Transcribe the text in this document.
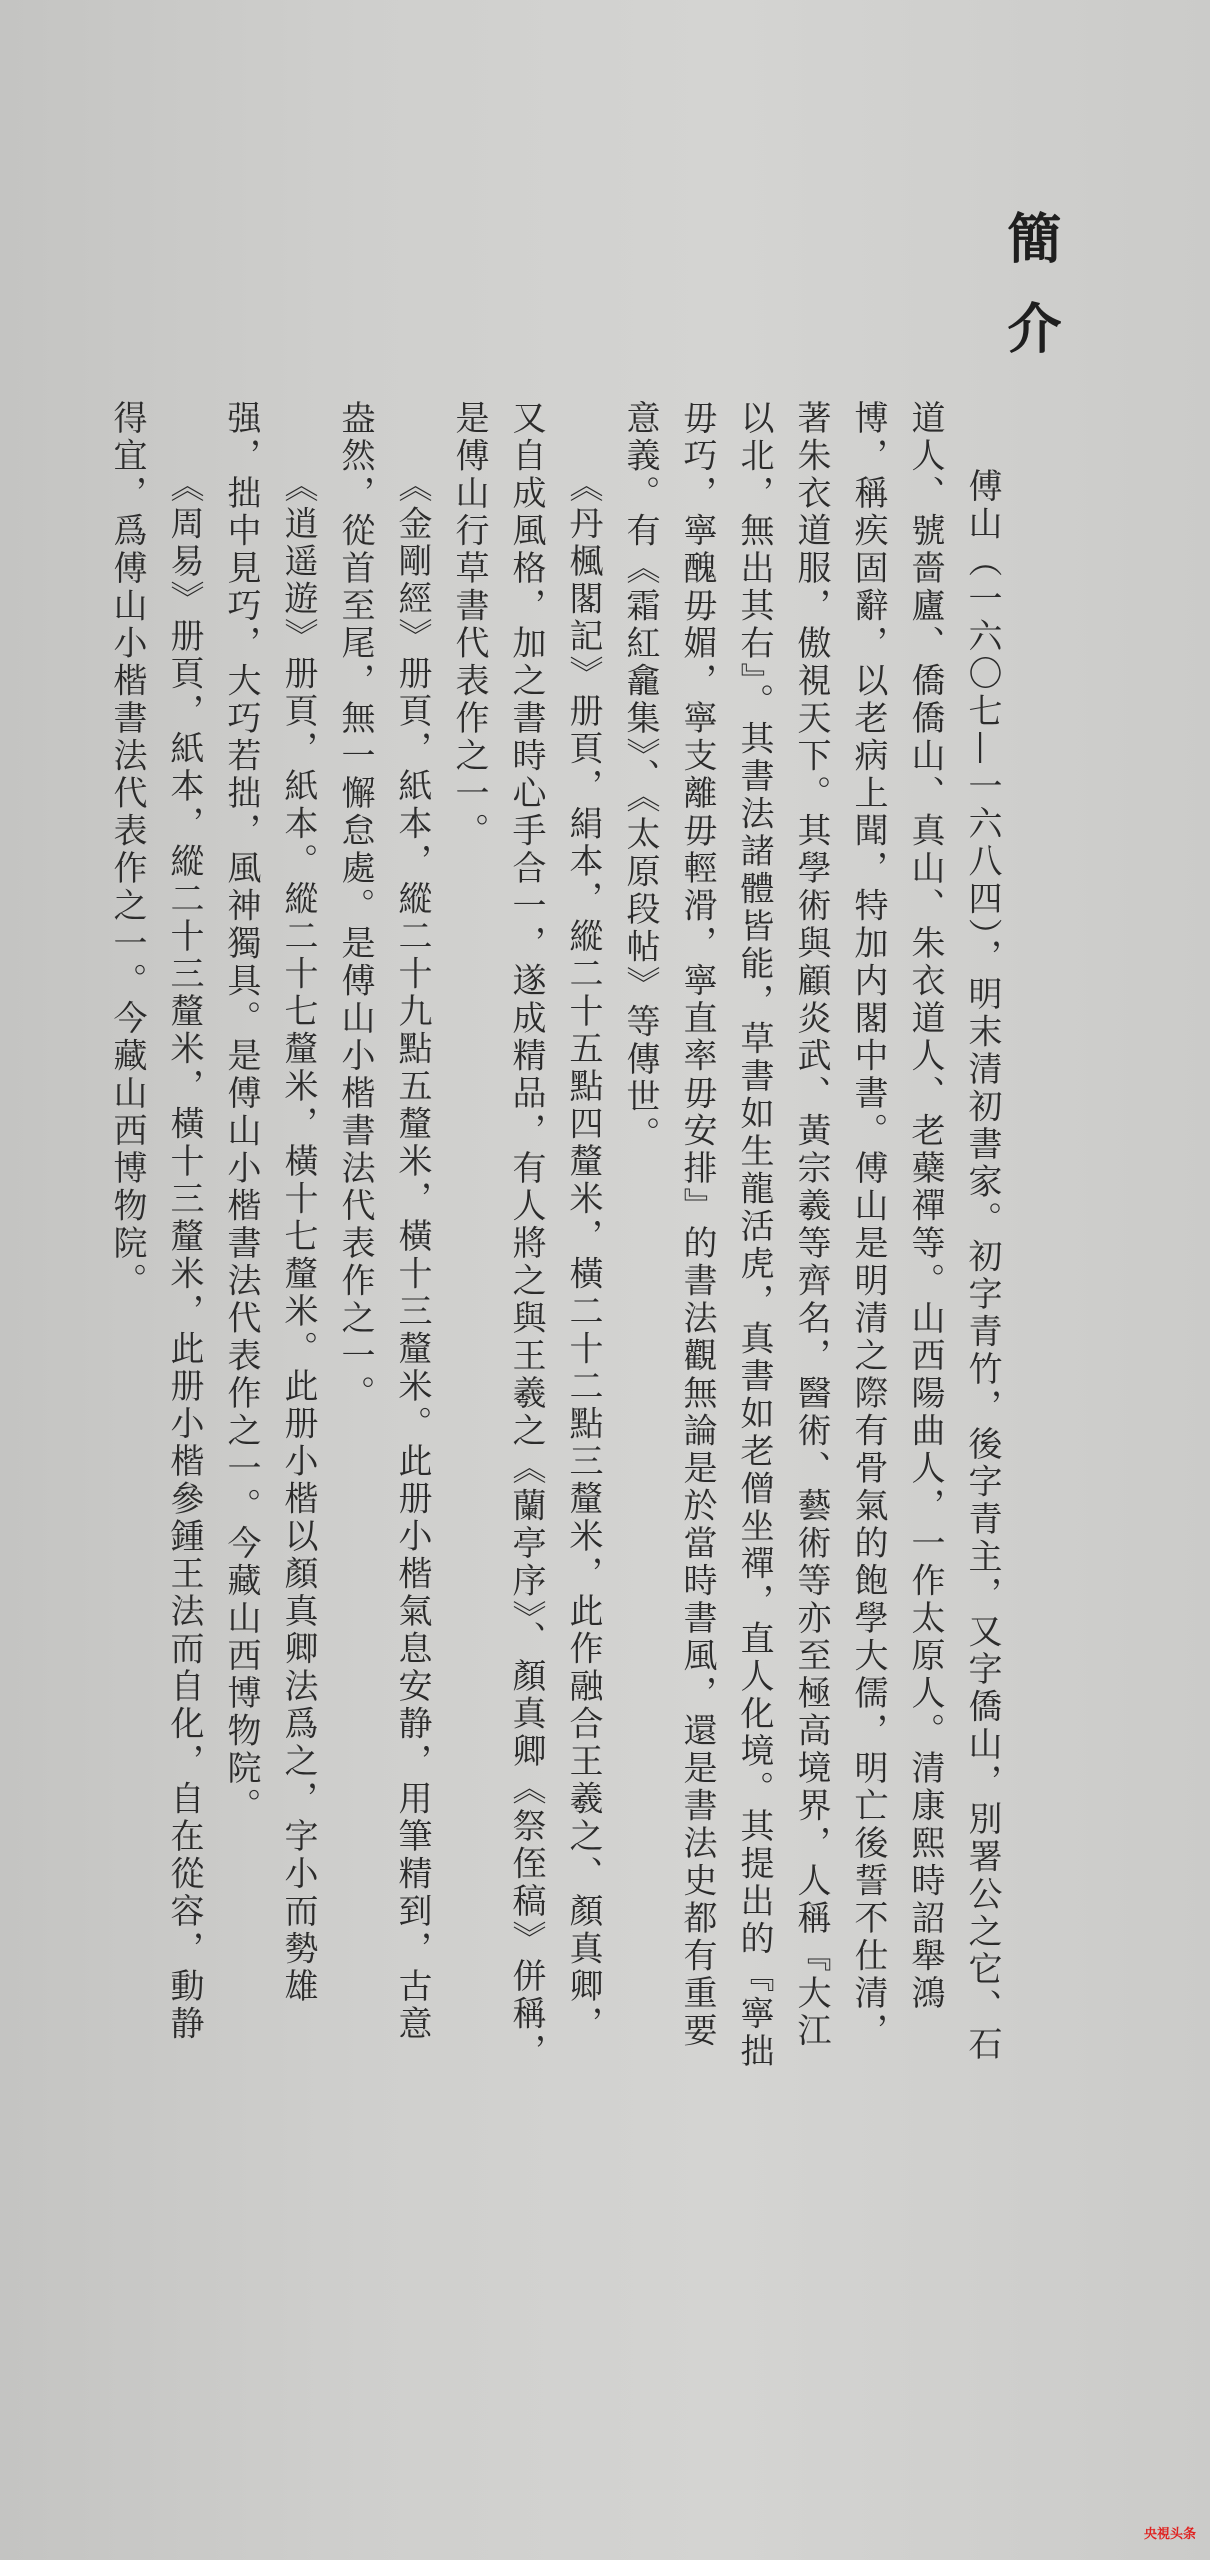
簡介

傅山（一六〇七—一六八四），明末清初書家。初字青竹，後字青主，又字僑山，別署公之它、石道人、號嗇廬、僑僑山、真山、朱衣道人、老蘗禪等。山西陽曲人，一作太原人。清康熙時詔舉鴻博，稱疾固辭，以老病上聞，特加内閣中書。傅山是明清之際有骨氣的飽學大儒，明亡後誓不仕清，著朱衣道服，傲視天下。其學術與顧炎武、黃宗羲等齊名，醫術、藝術等亦至極高境界，人稱『大江以北，無出其右』。其書法諸體皆能，草書如生龍活虎，真書如老僧坐禪，直人化境。其提出的『寧拙毋巧，寧醜毋媚，寧支離毋輕滑，寧直率毋安排』的書法觀無論是於當時書風，還是書法史都有重要意義。有《霜紅龕集》、《太原段帖》等傳世。

《丹楓閣記》册頁，絹本，縱二十五點四釐米，橫二十二點三釐米，此作融合王羲之、顏真卿，又自成風格，加之書時心手合一，遂成精品，有人將之與王羲之《蘭亭序》、顏真卿《祭侄稿》併稱，是傅山行草書代表作之一。

《金剛經》册頁，紙本，縱二十九點五釐米，橫十三釐米。此册小楷氣息安静，用筆精到，古意盎然，從首至尾，無一懈怠處。是傅山小楷書法代表作之一。

《逍遥遊》册頁，紙本。縱二十七釐米，橫十七釐米。此册小楷以顏真卿法爲之，字小而勢雄强，拙中見巧，大巧若拙，風神獨具。是傅山小楷書法代表作之一。今藏山西博物院。

《周易》册頁，紙本，縱二十三釐米，橫十三釐米，此册小楷參鍾王法而自化，自在從容，動静得宜，爲傅山小楷書法代表作之一。今藏山西博物院。

央視头条
